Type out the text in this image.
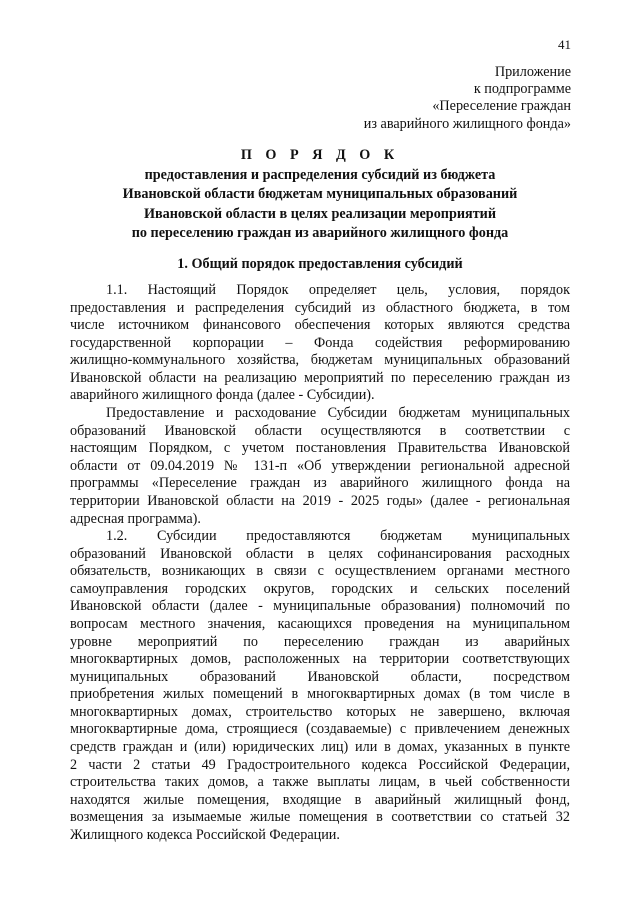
41
Приложение
к подпрограмме
«Переселение граждан
из аварийного жилищного фонда»
П О Р Я Д О К
предоставления и распределения субсидий из бюджета
Ивановской области бюджетам муниципальных образований
Ивановской области в целях реализации мероприятий
по переселению граждан из аварийного жилищного фонда
1. Общий порядок предоставления субсидий
1.1. Настоящий Порядок определяет цель, условия, порядок
предоставления и распределения субсидий из областного бюджета, в том
числе источником финансового обеспечения которых являются средства
государственной корпорации – Фонда содействия реформированию
жилищно-коммунального хозяйства, бюджетам муниципальных образований
Ивановской области на реализацию мероприятий по переселению граждан из
аварийного жилищного фонда (далее - Субсидии).
Предоставление и расходование Субсидии бюджетам муниципальных
образований Ивановской области осуществляются в соответствии с
настоящим Порядком, с учетом постановления Правительства Ивановской
области от 09.04.2019 № 131-п «Об утверждении региональной адресной
программы «Переселение граждан из аварийного жилищного фонда на
территории Ивановской области на 2019 - 2025 годы» (далее - региональная
адресная программа).
1.2. Субсидии предоставляются бюджетам муниципальных
образований Ивановской области в целях софинансирования расходных
обязательств, возникающих в связи с осуществлением органами местного
самоуправления городских округов, городских и сельских поселений
Ивановской области (далее - муниципальные образования) полномочий по
вопросам местного значения, касающихся проведения на муниципальном
уровне мероприятий по переселению граждан из аварийных
многоквартирных домов, расположенных на территории соответствующих
муниципальных образований Ивановской области, посредством
приобретения жилых помещений в многоквартирных домах (в том числе в
многоквартирных домах, строительство которых не завершено, включая
многоквартирные дома, строящиеся (создаваемые) с привлечением денежных
средств граждан и (или) юридических лиц) или в домах, указанных в пункте
2 части 2 статьи 49 Градостроительного кодекса Российской Федерации,
строительства таких домов, а также выплаты лицам, в чьей собственности
находятся жилые помещения, входящие в аварийный жилищный фонд,
возмещения за изымаемые жилые помещения в соответствии со статьей 32
Жилищного кодекса Российской Федерации.
